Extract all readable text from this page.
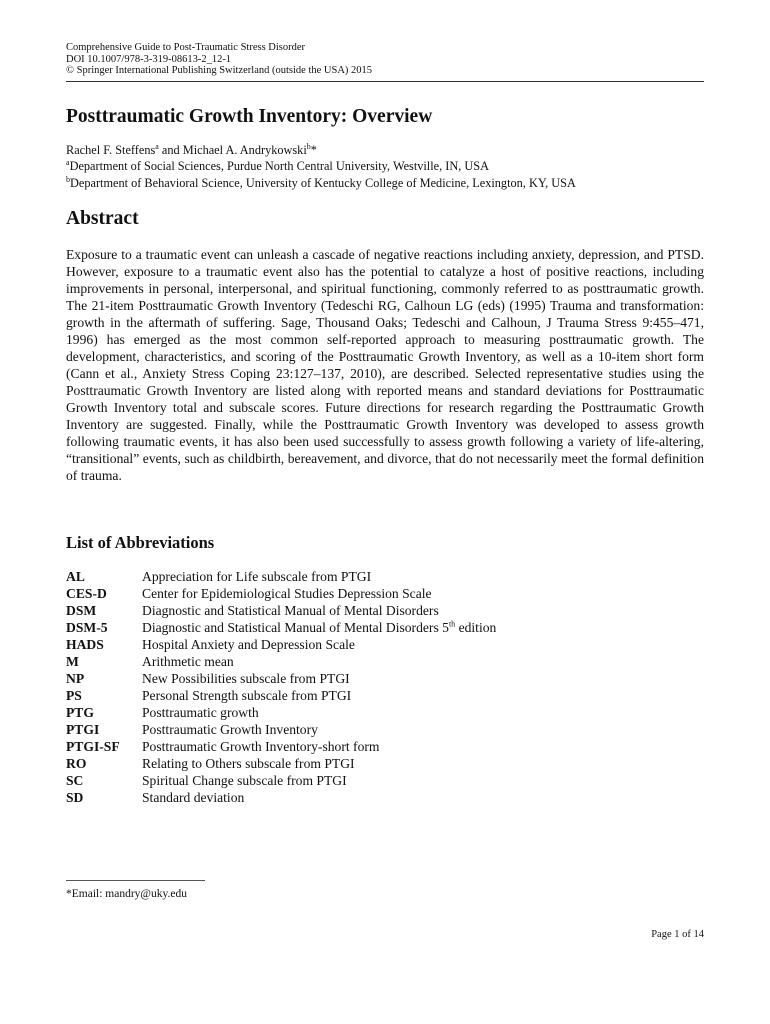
Comprehensive Guide to Post-Traumatic Stress Disorder
DOI 10.1007/978-3-319-08613-2_12-1
© Springer International Publishing Switzerland (outside the USA) 2015
Posttraumatic Growth Inventory: Overview
Rachel F. Steffens$^a$ and Michael A. Andrykowski$^b$*
$^a$Department of Social Sciences, Purdue North Central University, Westville, IN, USA
$^b$Department of Behavioral Science, University of Kentucky College of Medicine, Lexington, KY, USA
Abstract

Exposure to a traumatic event can unleash a cascade of negative reactions including anxiety, depression, and PTSD. However, exposure to a traumatic event also has the potential to catalyze a host of positive reactions, including improvements in personal, interpersonal, and spiritual functioning, commonly referred to as posttraumatic growth. The 21-item Posttraumatic Growth Inventory (Tedeschi RG, Calhoun LG (eds) (1995) Trauma and transformation: growth in the aftermath of suffering. Sage, Thousand Oaks; Tedeschi and Calhoun, J Trauma Stress 9:455–471, 1996) has emerged as the most common self-reported approach to measuring posttraumatic growth. The development, characteristics, and scoring of the Posttraumatic Growth Inventory, as well as a 10-item short form (Cann et al., Anxiety Stress Coping 23:127–137, 2010), are described. Selected representative studies using the Posttraumatic Growth Inventory are listed along with reported means and standard deviations for Posttraumatic Growth Inventory total and subscale scores. Future directions for research regarding the Posttraumatic Growth Inventory are suggested. Finally, while the Posttraumatic Growth Inventory was developed to assess growth following traumatic events, it has also been used successfully to assess growth following a variety of life-altering, “transitional” events, such as childbirth, bereavement, and divorce, that do not necessarily meet the formal definition of trauma.

List of Abbreviations
AL	Appreciation for Life subscale from PTGI
CES-D	Center for Epidemiological Studies Depression Scale
DSM	Diagnostic and Statistical Manual of Mental Disorders
DSM-5	Diagnostic and Statistical Manual of Mental Disorders 5th edition
HADS	Hospital Anxiety and Depression Scale
M	Arithmetic mean
NP	New Possibilities subscale from PTGI
PS	Personal Strength subscale from PTGI
PTG	Posttraumatic growth
PTGI	Posttraumatic Growth Inventory
PTGI-SF	Posttraumatic Growth Inventory-short form
RO	Relating to Others subscale from PTGI
SC	Spiritual Change subscale from PTGI
SD	Standard deviation
*Email: mandry@uky.edu
Page 1 of 14
